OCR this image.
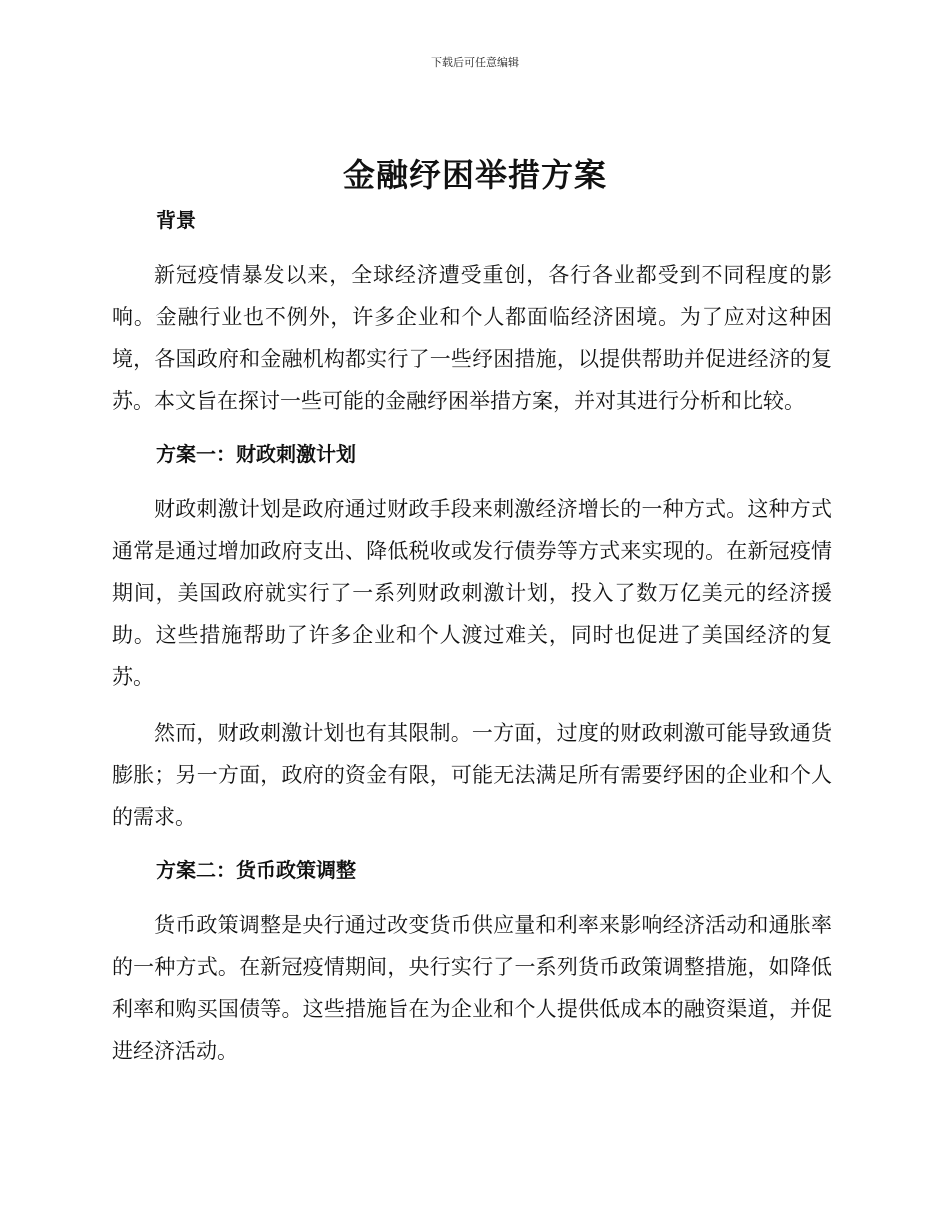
下载后可任意编辑
金融纾困举措方案
背景

新冠疫情暴发以来，全球经济遭受重创，各行各业都受到不同程度的影响。金融行业也不例外，许多企业和个人都面临经济困境。为了应对这种困境，各国政府和金融机构都实行了一些纾困措施，以提供帮助并促进经济的复苏。本文旨在探讨一些可能的金融纾困举措方案，并对其进行分析和比较。

方案一：财政刺激计划

财政刺激计划是政府通过财政手段来刺激经济增长的一种方式。这种方式通常是通过增加政府支出、降低税收或发行债券等方式来实现的。在新冠疫情期间，美国政府就实行了一系列财政刺激计划，投入了数万亿美元的经济援助。这些措施帮助了许多企业和个人渡过难关，同时也促进了美国经济的复苏。

然而，财政刺激计划也有其限制。一方面，过度的财政刺激可能导致通货膨胀；另一方面，政府的资金有限，可能无法满足所有需要纾困的企业和个人的需求。

方案二：货币政策调整

货币政策调整是央行通过改变货币供应量和利率来影响经济活动和通胀率的一种方式。在新冠疫情期间，央行实行了一系列货币政策调整措施，如降低利率和购买国债等。这些措施旨在为企业和个人提供低成本的融资渠道，并促进经济活动。
